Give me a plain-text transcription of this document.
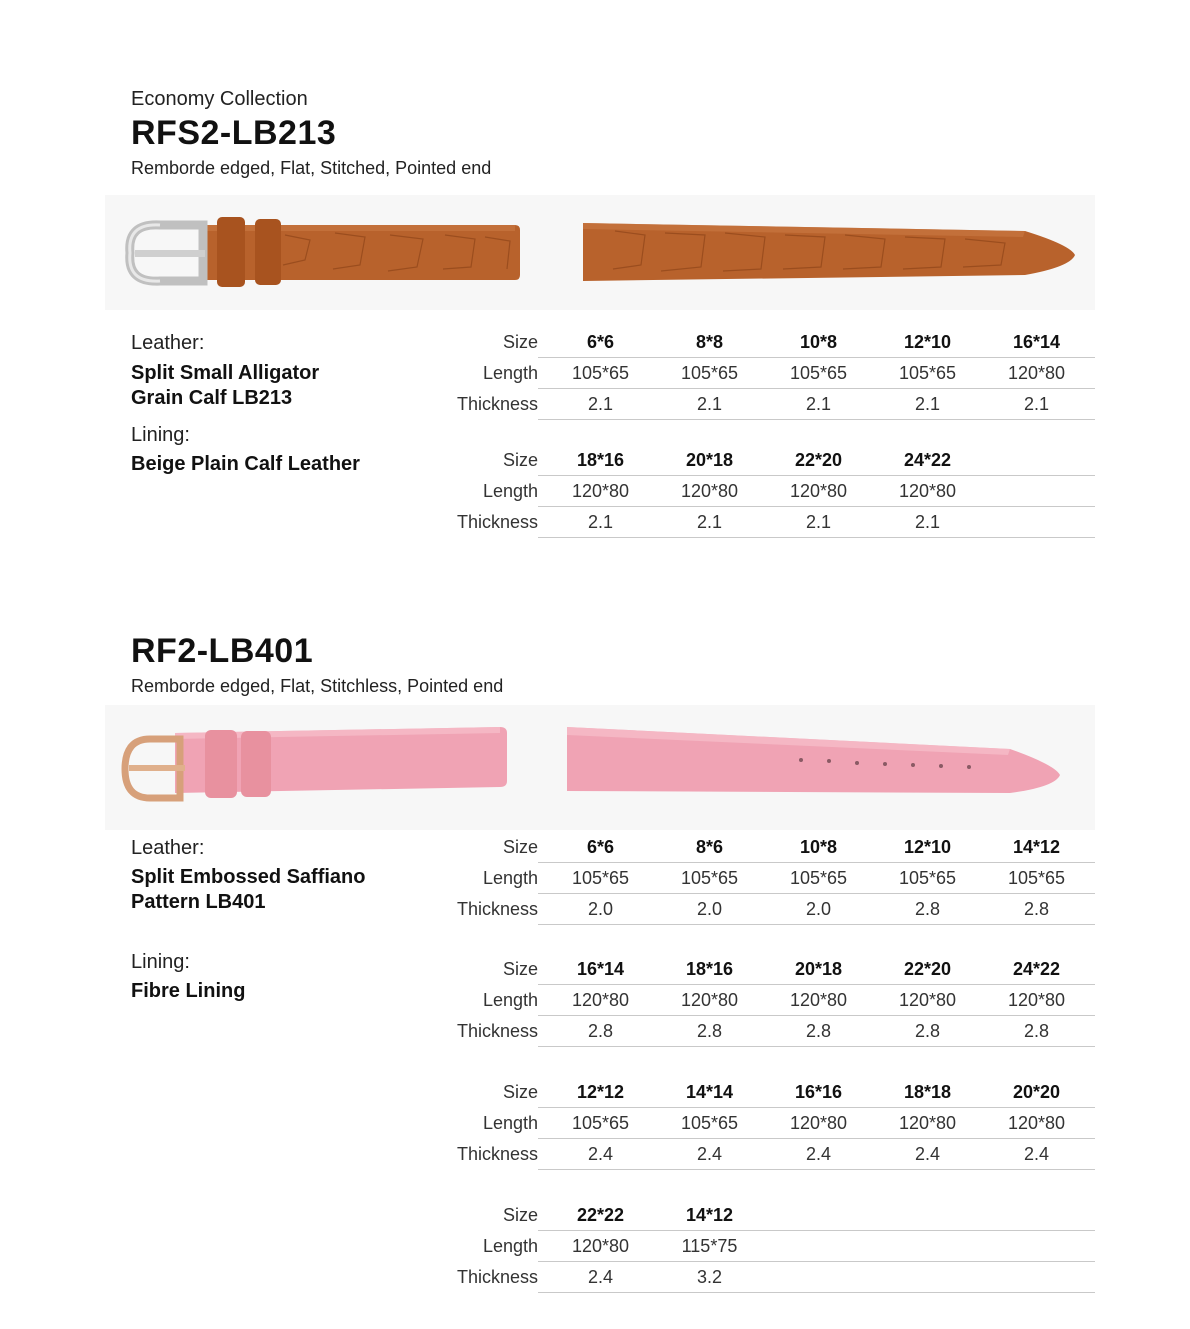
Economy Collection
RFS2-LB213
Remborde edged, Flat, Stitched, Pointed end
Leather:
Split Small Alligator
Grain Calf LB213
Lining:
Beige Plain Calf Leather
Size	6*6	8*8	10*8	12*10	16*14
Length	105*65	105*65	105*65	105*65	120*80
Thickness	2.1	2.1	2.1	2.1	2.1
Size	18*16	20*18	22*20	24*22
Length	120*80	120*80	120*80	120*80
Thickness	2.1	2.1	2.1	2.1
RF2-LB401
Remborde edged, Flat, Stitchless, Pointed end
Leather:
Split Embossed Saffiano
Pattern LB401
Lining:
Fibre Lining
Size	6*6	8*6	10*8	12*10	14*12
Length	105*65	105*65	105*65	105*65	105*65
Thickness	2.0	2.0	2.0	2.8	2.8
Size	16*14	18*16	20*18	22*20	24*22
Length	120*80	120*80	120*80	120*80	120*80
Thickness	2.8	2.8	2.8	2.8	2.8
Size	12*12	14*14	16*16	18*18	20*20
Length	105*65	105*65	120*80	120*80	120*80
Thickness	2.4	2.4	2.4	2.4	2.4
Size	22*22	14*12
Length	120*80	115*75
Thickness	2.4	3.2
